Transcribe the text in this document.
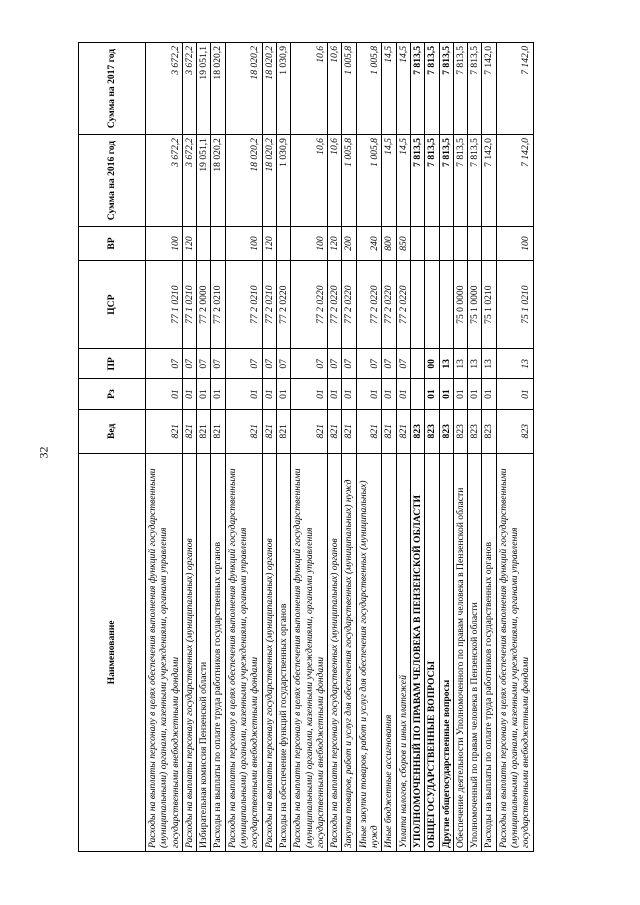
32
Наименование	Вед	Рз	ПР	ЦСР	ВР	Сумма на 2016 год	Сумма на 2017 год
Расходы на выплаты персоналу в целях обеспечения выполнения функций государственными (муниципальными) органами, казенными учреждениями, органами управления государственными внебюджетными фондами	821	01	07	77 1 0210	100	3 672,2	3 672,2
Расходы на выплаты персоналу государственных (муниципальных) органов	821	01	07	77 1 0210	120	3 672,2	3 672,2
Избирательная комиссия Пензенской области	821	01	07	77 2 0000		19 051,1	19 051,1
Расходы на выплаты по оплате труда работников государственных органов	821	01	07	77 2 0210		18 020,2	18 020,2
Расходы на выплаты персоналу в целях обеспечения выполнения функций государственными (муниципальными) органами, казенными учреждениями, органами управления государственными внебюджетными фондами	821	01	07	77 2 0210	100	18 020,2	18 020,2
Расходы на выплаты персоналу государственных (муниципальных) органов	821	01	07	77 2 0210	120	18 020,2	18 020,2
Расходы на обеспечение функций государственных органов	821	01	07	77 2 0220		1 030,9	1 030,9
Расходы на выплаты персоналу в целях обеспечения выполнения функций государственными (муниципальными) органами, казенными учреждениями, органами управления государственными внебюджетными фондами	821	01	07	77 2 0220	100	10,6	10,6
Расходы на выплаты персоналу государственных (муниципальных) органов	821	01	07	77 2 0220	120	10,6	10,6
Закупка товаров, работ и услуг для обеспечения государственных (муниципальных) нужд	821	01	07	77 2 0220	200	1 005,8	1 005,8
Иные закупки товаров, работ и услуг для обеспечения государственных (муниципальных) нужд	821	01	07	77 2 0220	240	1 005,8	1 005,8
Иные бюджетные ассигнования	821	01	07	77 2 0220	800	14,5	14,5
Уплата налогов, сборов и иных платежей	821	01	07	77 2 0220	850	14,5	14,5
УПОЛНОМОЧЕННЫЙ ПО ПРАВАМ ЧЕЛОВЕКА В ПЕНЗЕНСКОЙ ОБЛАСТИ	823					7 813,5	7 813,5
ОБЩЕГОСУДАРСТВЕННЫЕ ВОПРОСЫ	823	01	00			7 813,5	7 813,5
Другие общегосударственные вопросы	823	01	13			7 813,5	7 813,5
Обеспечение деятельности Уполномоченного по правам человека в Пензенской области	823	01	13	75 0 0000		7 813,5	7 813,5
Уполномоченный по правам человека в Пензенской области	823	01	13	75 1 0000		7 813,5	7 813,5
Расходы на выплаты по оплате труда работников государственных органов	823	01	13	75 1 0210		7 142,0	7 142,0
Расходы на выплаты персоналу в целях обеспечения выполнения функций государственными (муниципальными) органами, казенными учреждениями, органами управления государственными внебюджетными фондами	823	01	13	75 1 0210	100	7 142,0	7 142,0
